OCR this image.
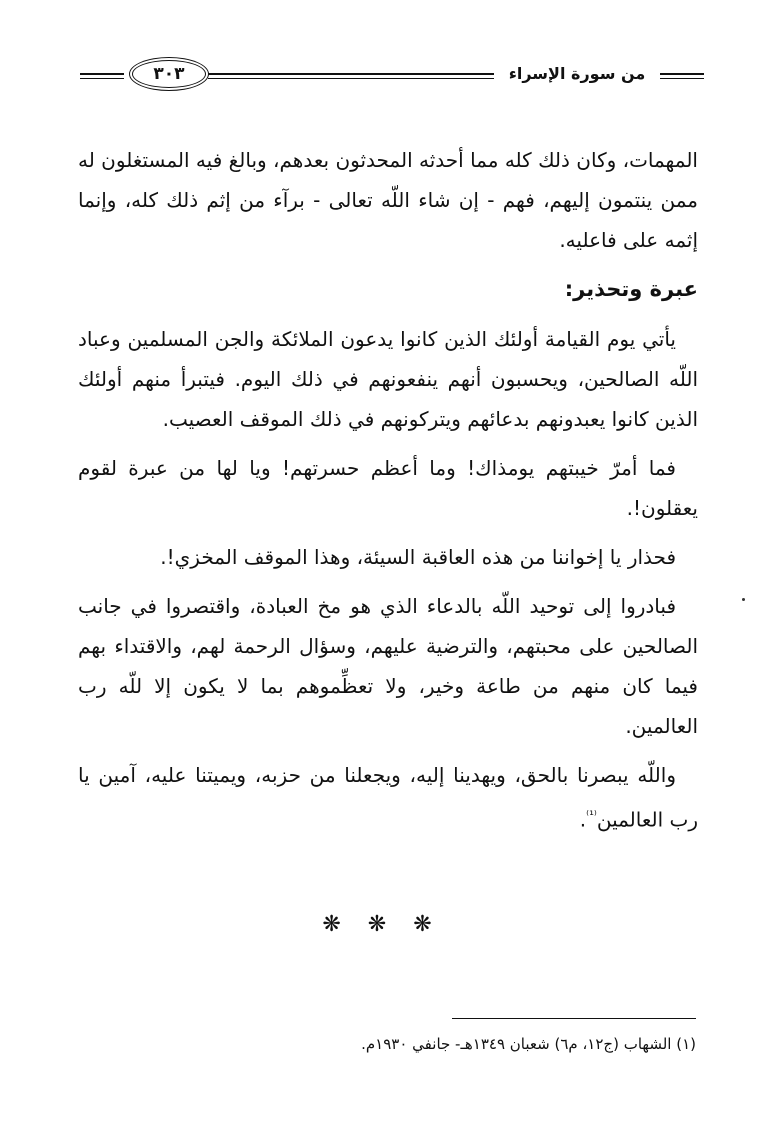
من سورة الإسراء
٣٠٣

المهمات، وكان ذلك كله مما أحدثه المحدثون بعدهم، وبالغ فيه المستغلون له ممن ينتمون إليهم، فهم - إن شاء اللّه تعالى - برآء من إثم ذلك كله، وإنما إثمه على فاعليه.

عبرة وتحذير:

يأتي يوم القيامة أولئك الذين كانوا يدعون الملائكة والجن المسلمين وعباد اللّه الصالحين، ويحسبون أنهم ينفعونهم في ذلك اليوم. فيتبرأ منهم أولئك الذين كانوا يعبدونهم بدعائهم ويتركونهم في ذلك الموقف العصيب.

فما أمرّ خيبتهم يومذاك! وما أعظم حسرتهم! ويا لها من عبرة لقوم يعقلون!.

فحذار يا إخواننا من هذه العاقبة السيئة، وهذا الموقف المخزي!.

فبادروا إلى توحيد اللّه بالدعاء الذي هو مخ العبادة، واقتصروا في جانب الصالحين على محبتهم، والترضية عليهم، وسؤال الرحمة لهم، والاقتداء بهم فيما كان منهم من طاعة وخير، ولا تعظِّموهم بما لا يكون إلا للّه رب العالمين.

واللّه يبصرنا بالحق، ويهدينا إليه، ويجعلنا من حزبه، ويميتنا عليه، آمين يا رب العالمين$^{^{(1)}}$.

❋ ❋ ❋
(١) الشهاب (ج١٢، م٦) شعبان ١٣٤٩هـ- جانفي ١٩٣٠م.
